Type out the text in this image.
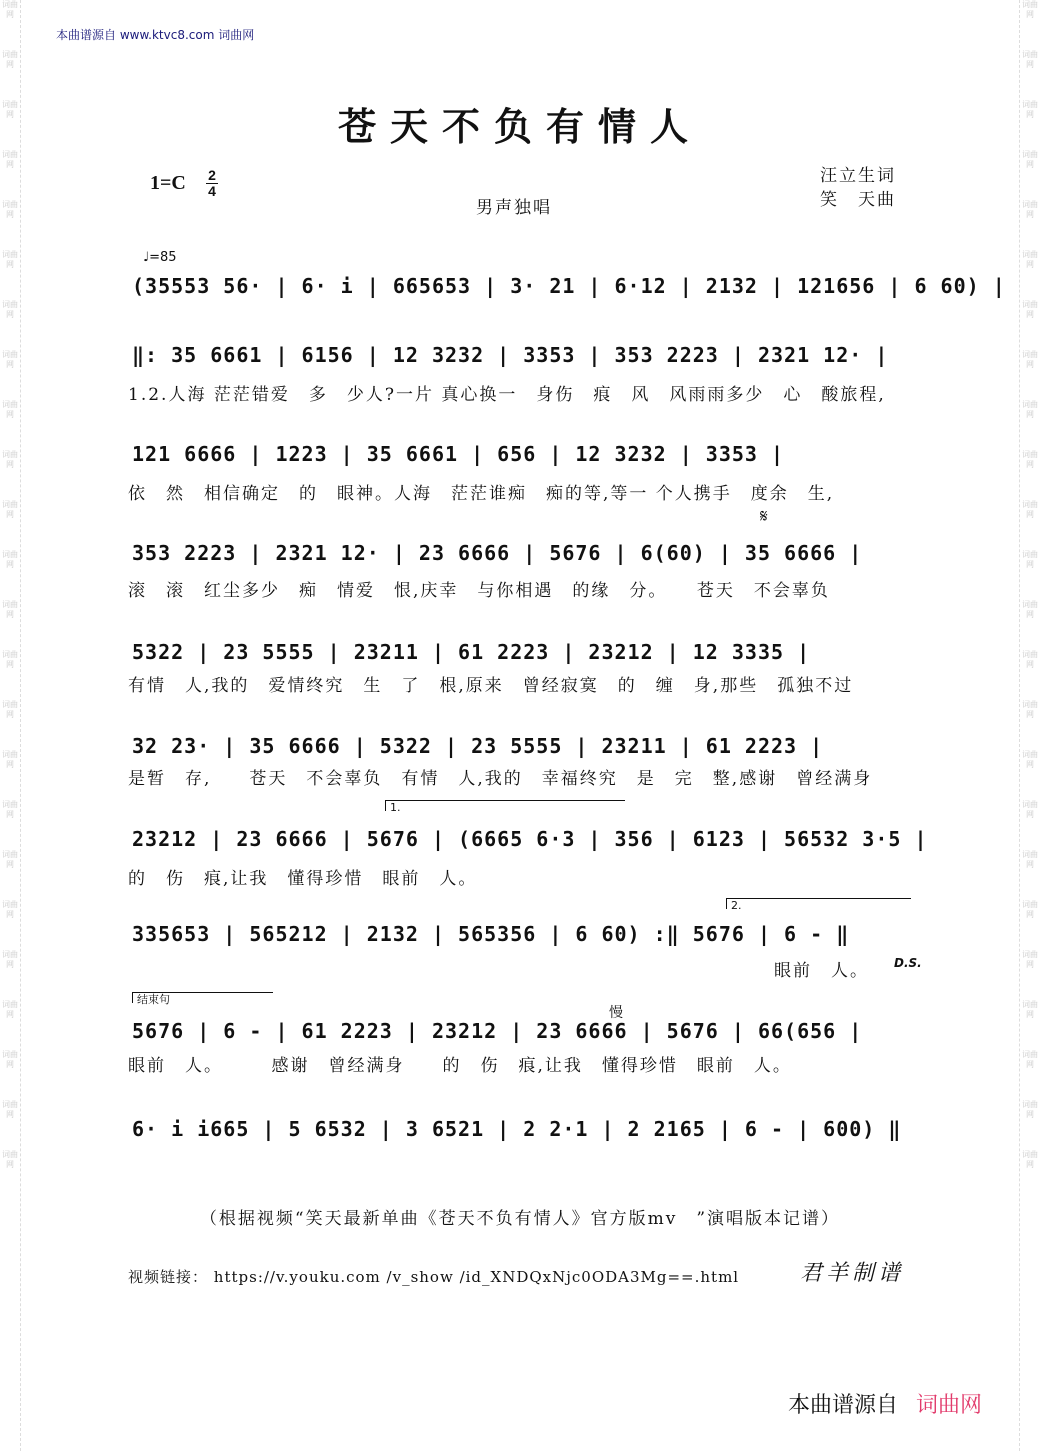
词曲网
词曲网
词曲网
词曲网
词曲网
词曲网
词曲网
词曲网
词曲网
词曲网
词曲网
词曲网
词曲网
词曲网
词曲网
词曲网
词曲网
词曲网
词曲网
词曲网
词曲网
词曲网
词曲网
词曲网
词曲网
词曲网
词曲网
词曲网
词曲网
词曲网
词曲网
词曲网
词曲网
词曲网
词曲网
词曲网
词曲网
词曲网
词曲网
词曲网
词曲网
词曲网
词曲网
词曲网
词曲网
词曲网
词曲网
词曲网
本曲谱源自 www.ktvc8.com 词曲网
苍天不负有情人
1=C 2
4
汪立生词
笑　天曲
男声独唱
♩=85
(35553 56· | 6· i | 665653 | 3· 21 | 6·12 | 2132 | 121656 | 6 60) |
‖: 35 6661 | 6156 | 12 3232 | 3353 | 353 2223 | 2321 12· |
1.2.人海 茫茫错爱　多　少人?一片 真心换一　身伤　痕　风　风雨雨多少　心　酸旅程,
121 6666 | 1223 | 35 6661 | 656 | 12 3232 | 3353 |
依　然　相信确定　的　眼神。人海　茫茫谁痴　痴的等,等一 个人携手　度余　生,
𝄋
353 2223 | 2321 12· | 23 6666 | 5676 | 6(60) | 35 6666 |
滚　滚　红尘多少　痴　情爱　恨,庆幸　与你相遇　的缘　分。　　苍天　不会辜负
5322 | 23 5555 | 23211 | 61 2223 | 23212 | 12 3335 |
有情　人,我的　爱情终究　生　了　根,原来　曾经寂寞　的　缠　身,那些　孤独不过
32 23· | 35 6666 | 5322 | 23 5555 | 23211 | 61 2223 |
是暂　存,　　苍天　不会辜负　有情　人,我的　幸福终究　是　完　整,感谢　曾经满身
1.
23212 | 23 6666 | 5676 | (6665 6·3 | 356 | 6123 | 56532 3·5 |
的　伤　痕,让我　懂得珍惜　眼前　人。
2.
335653 | 565212 | 2132 | 565356 | 6 60) :‖ 5676 | 6 - ‖
　　　　　　　　　　　　　　　　　　　　　　　　　　　　　　　　　　眼前　人。	D.S.
结束句
慢
5676 | 6 - | 61 2223 | 23212 | 23 6666 | 5676 | 66(656 |
眼前　人。　　　感谢　曾经满身　　的　伤　痕,让我　懂得珍惜　眼前　人。
6· i i665 | 5 6532 | 3 6521 | 2 2·1 | 2 2165 | 6 - | 600) ‖
（根据视频“笑天最新单曲《苍天不负有情人》官方版mv　”演唱版本记谱）
视频链接： https://v.youku.com /v_show /id_XNDQxNjc0ODA3Mg==.html	君羊制谱
本曲谱源自 词曲网
